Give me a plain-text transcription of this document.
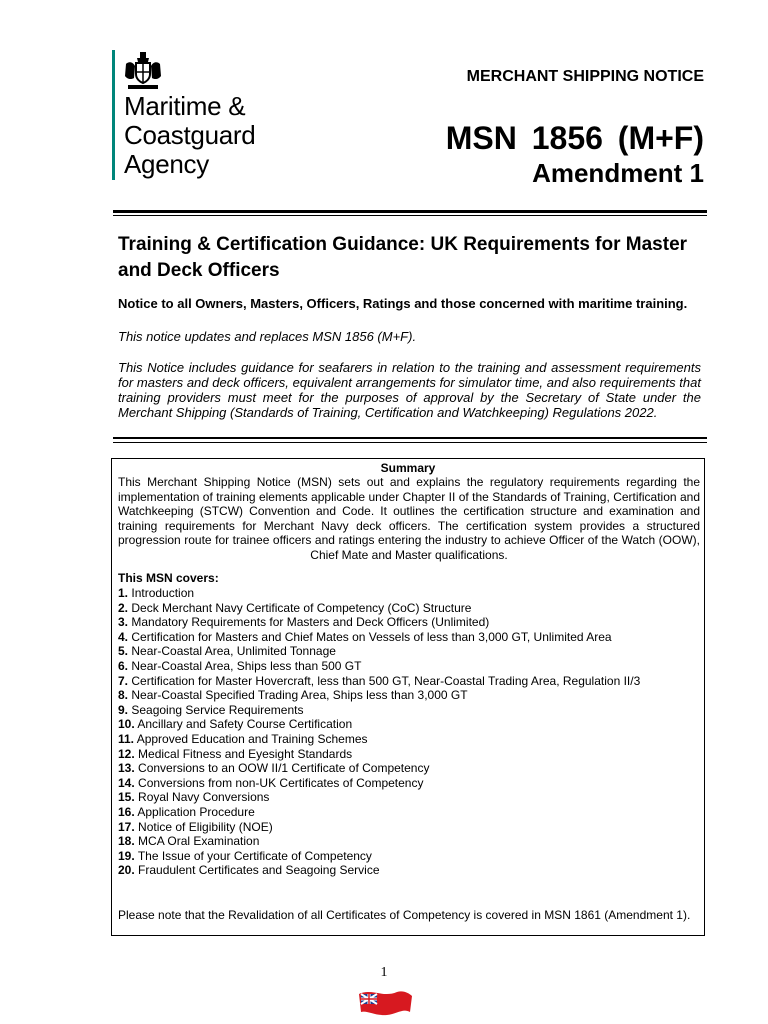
Maritime &
Coastguard
Agency
MERCHANT SHIPPING NOTICE
MSN 1856 (M+F)
Amendment 1
Training & Certification Guidance: UK Requirements for Master and Deck Officers

Notice to all Owners, Masters, Officers, Ratings and those concerned with maritime training.

This notice updates and replaces MSN 1856 (M+F).

This Notice includes guidance for seafarers in relation to the training and assessment requirements for masters and deck officers, equivalent arrangements for simulator time, and also requirements that training providers must meet for the purposes of approval by the Secretary of State under the Merchant Shipping (Standards of Training, Certification and Watchkeeping) Regulations 2022.

Summary

This Merchant Shipping Notice (MSN) sets out and explains the regulatory requirements regarding the implementation of training elements applicable under Chapter II of the Standards of Training, Certification and Watchkeeping (STCW) Convention and Code. It outlines the certification structure and examination and training requirements for Merchant Navy deck officers. The certification system provides a structured progression route for trainee officers and ratings entering the industry to achieve Officer of the Watch (OOW), Chief Mate and Master qualifications.

This MSN covers:
1. Introduction
2. Deck Merchant Navy Certificate of Competency (CoC) Structure
3. Mandatory Requirements for Masters and Deck Officers (Unlimited)
4. Certification for Masters and Chief Mates on Vessels of less than 3,000 GT, Unlimited Area
5. Near-Coastal Area, Unlimited Tonnage
6. Near-Coastal Area, Ships less than 500 GT
7. Certification for Master Hovercraft, less than 500 GT, Near-Coastal Trading Area, Regulation II/3
8. Near-Coastal Specified Trading Area, Ships less than 3,000 GT
9. Seagoing Service Requirements
10. Ancillary and Safety Course Certification
11. Approved Education and Training Schemes
12. Medical Fitness and Eyesight Standards
13. Conversions to an OOW II/1 Certificate of Competency
14. Conversions from non-UK Certificates of Competency
15. Royal Navy Conversions
16. Application Procedure
17. Notice of Eligibility (NOE)
18. MCA Oral Examination
19. The Issue of your Certificate of Competency
20. Fraudulent Certificates and Seagoing Service

Please note that the Revalidation of all Certificates of Competency is covered in MSN 1861 (Amendment 1).

1
